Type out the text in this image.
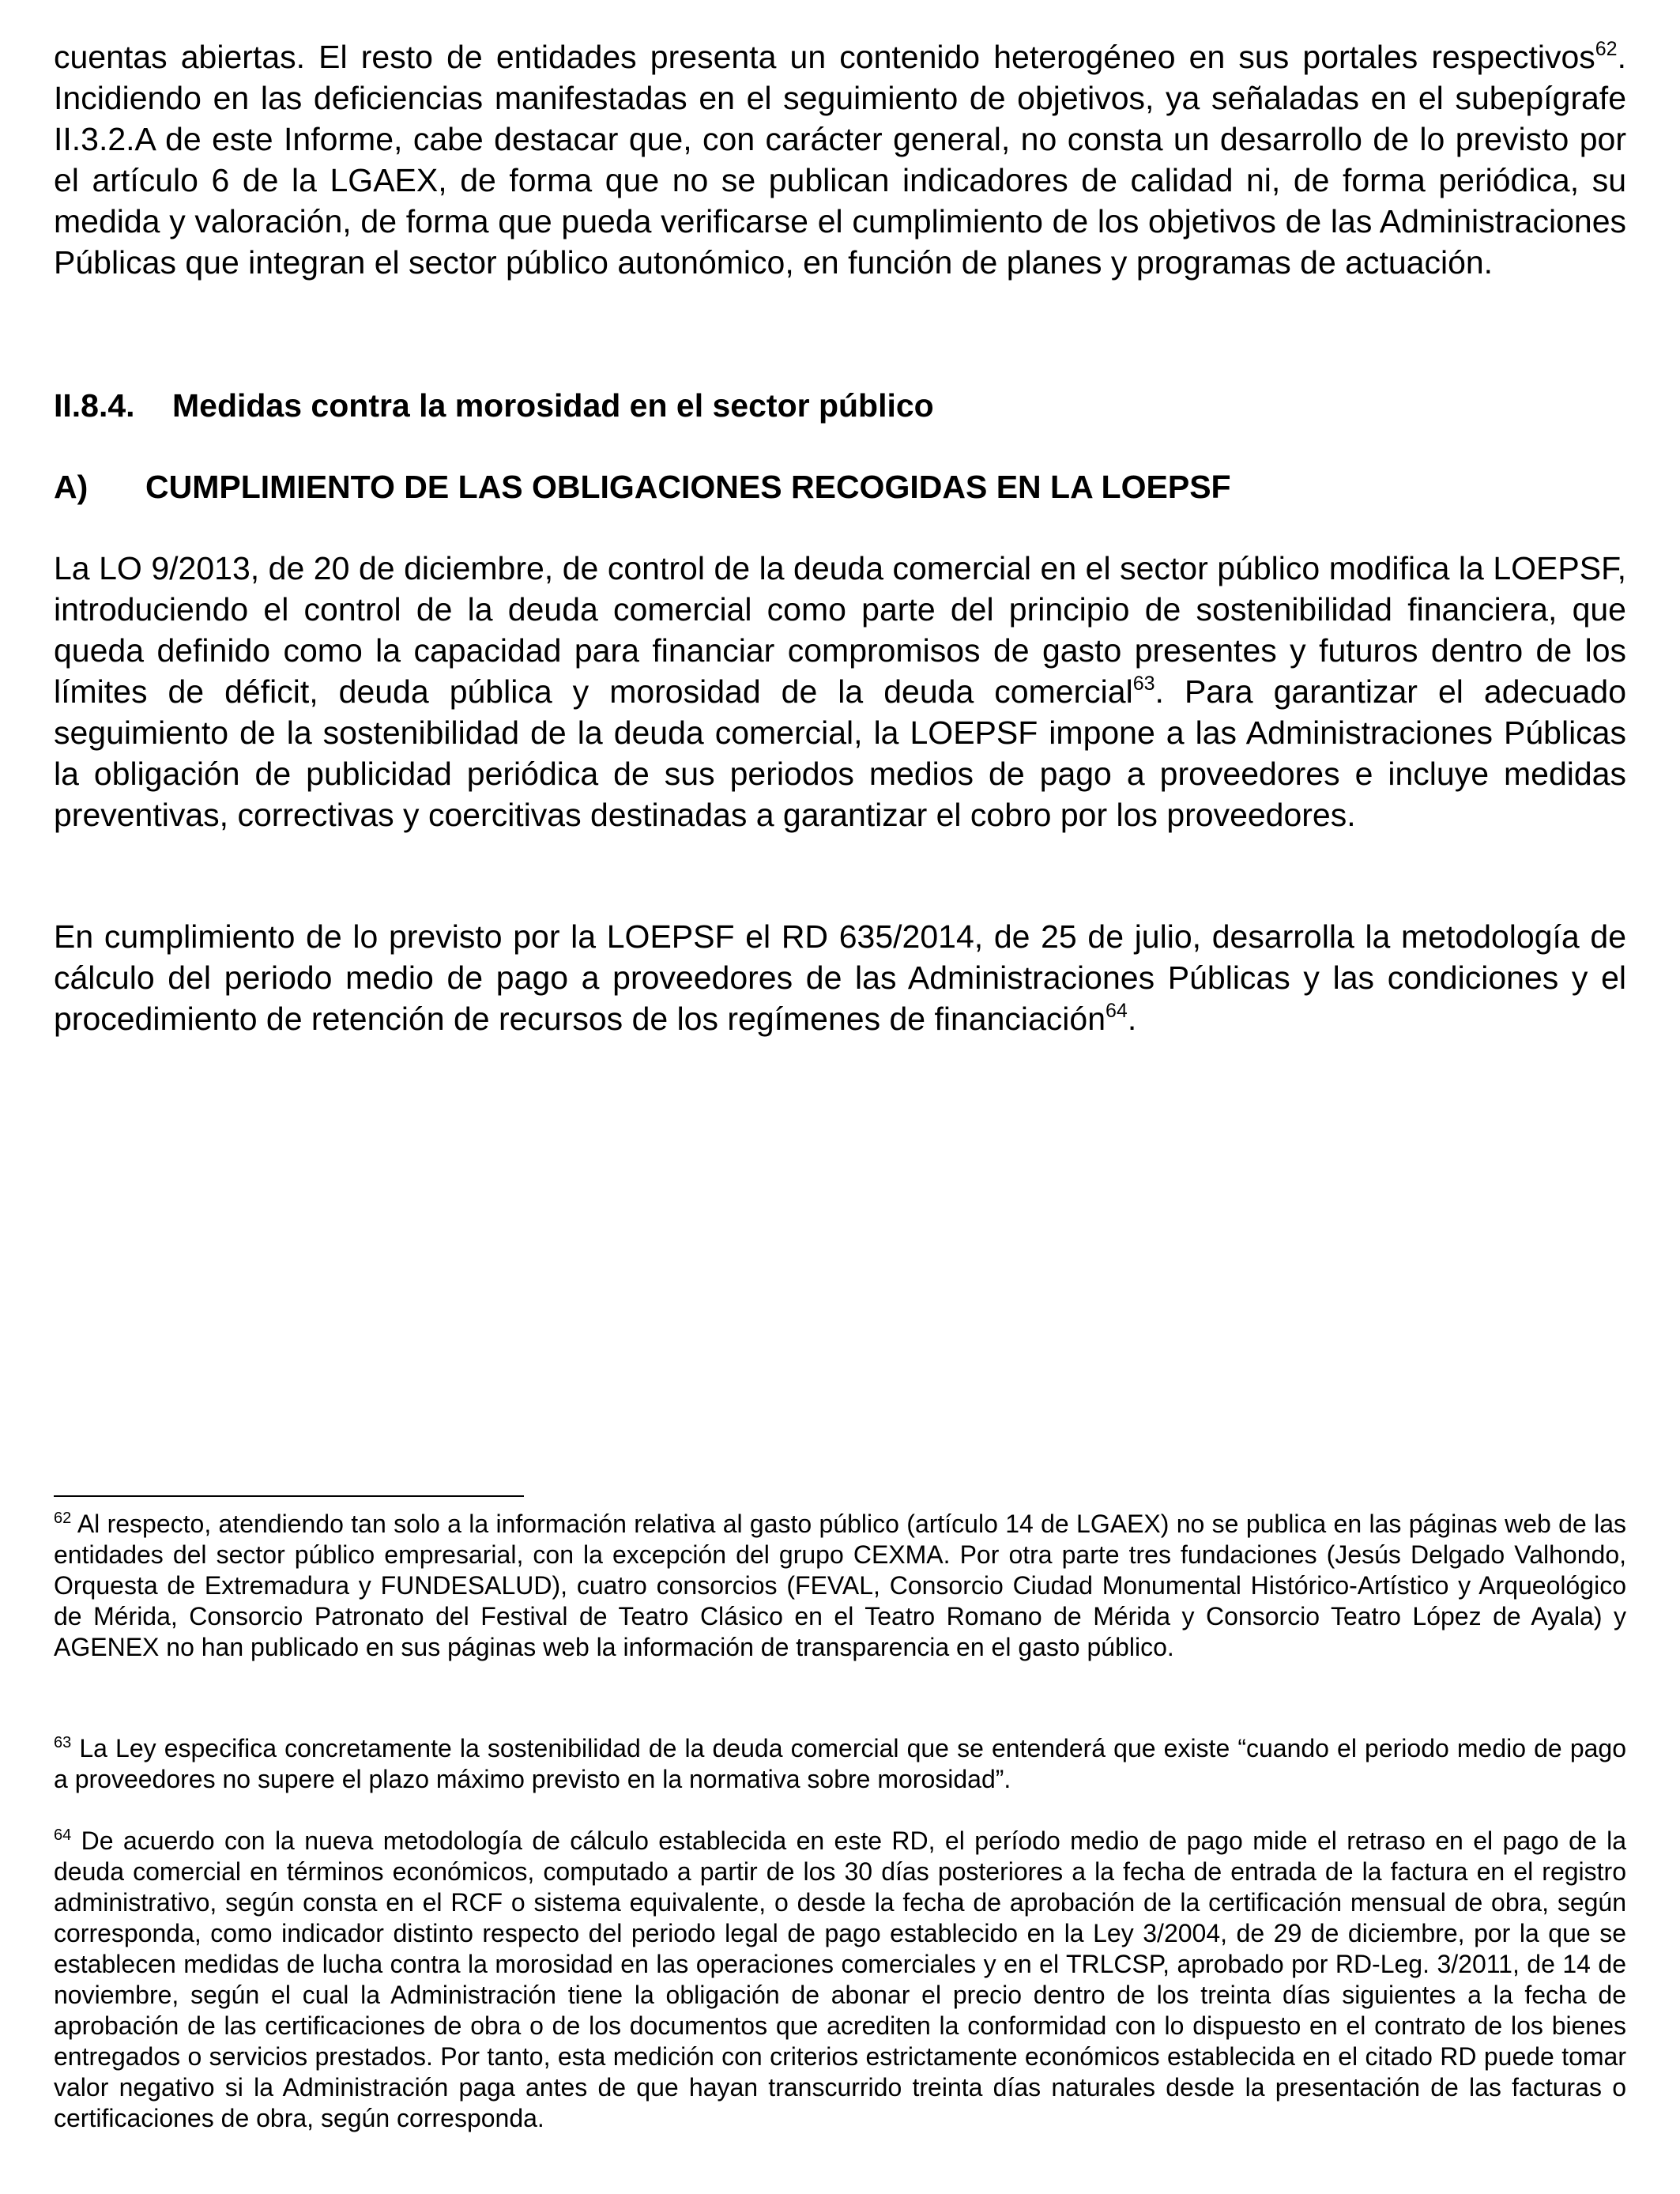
cuentas abiertas. El resto de entidades presenta un contenido heterogéneo en sus portales respectivos$^{62}$. Incidiendo en las deficiencias manifestadas en el seguimiento de objetivos, ya señaladas en el subepígrafe II.3.2.A de este Informe, cabe destacar que, con carácter general, no consta un desarrollo de lo previsto por el artículo 6 de la LGAEX, de forma que no se publican indicadores de calidad ni, de forma periódica, su medida y valoración, de forma que pueda verificarse el cumplimiento de los objetivos de las Administraciones Públicas que integran el sector público autonómico, en función de planes y programas de actuación.

II.8.4. Medidas contra la morosidad en el sector público
A) CUMPLIMIENTO DE LAS OBLIGACIONES RECOGIDAS EN LA LOEPSF

La LO 9/2013, de 20 de diciembre, de control de la deuda comercial en el sector público modifica la LOEPSF, introduciendo el control de la deuda comercial como parte del principio de sostenibilidad financiera, que queda definido como la capacidad para financiar compromisos de gasto presentes y futuros dentro de los límites de déficit, deuda pública y morosidad de la deuda comercial$^{63}$. Para garantizar el adecuado seguimiento de la sostenibilidad de la deuda comercial, la LOEPSF impone a las Administraciones Públicas la obligación de publicidad periódica de sus periodos medios de pago a proveedores e incluye medidas preventivas, correctivas y coercitivas destinadas a garantizar el cobro por los proveedores.

En cumplimiento de lo previsto por la LOEPSF el RD 635/2014, de 25 de julio, desarrolla la metodología de cálculo del periodo medio de pago a proveedores de las Administraciones Públicas y las condiciones y el procedimiento de retención de recursos de los regímenes de financiación$^{64}$.

$^{62}$ Al respecto, atendiendo tan solo a la información relativa al gasto público (artículo 14 de LGAEX) no se publica en las páginas web de las entidades del sector público empresarial, con la excepción del grupo CEXMA. Por otra parte tres fundaciones (Jesús Delgado Valhondo, Orquesta de Extremadura y FUNDESALUD), cuatro consorcios (FEVAL, Consorcio Ciudad Monumental Histórico-Artístico y Arqueológico de Mérida, Consorcio Patronato del Festival de Teatro Clásico en el Teatro Romano de Mérida y Consorcio Teatro López de Ayala) y AGENEX no han publicado en sus páginas web la información de transparencia en el gasto público.

$^{63}$ La Ley especifica concretamente la sostenibilidad de la deuda comercial que se entenderá que existe “cuando el periodo medio de pago a proveedores no supere el plazo máximo previsto en la normativa sobre morosidad”.

$^{64}$ De acuerdo con la nueva metodología de cálculo establecida en este RD, el período medio de pago mide el retraso en el pago de la deuda comercial en términos económicos, computado a partir de los 30 días posteriores a la fecha de entrada de la factura en el registro administrativo, según consta en el RCF o sistema equivalente, o desde la fecha de aprobación de la certificación mensual de obra, según corresponda, como indicador distinto respecto del periodo legal de pago establecido en la Ley 3/2004, de 29 de diciembre, por la que se establecen medidas de lucha contra la morosidad en las operaciones comerciales y en el TRLCSP, aprobado por RD-Leg. 3/2011, de 14 de noviembre, según el cual la Administración tiene la obligación de abonar el precio dentro de los treinta días siguientes a la fecha de aprobación de las certificaciones de obra o de los documentos que acrediten la conformidad con lo dispuesto en el contrato de los bienes entregados o servicios prestados. Por tanto, esta medición con criterios estrictamente económicos establecida en el citado RD puede tomar valor negativo si la Administración paga antes de que hayan transcurrido treinta días naturales desde la presentación de las facturas o certificaciones de obra, según corresponda.
